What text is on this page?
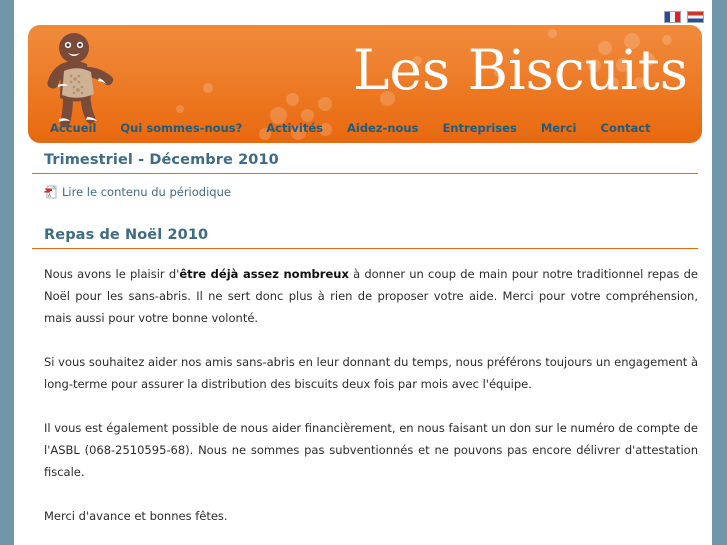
Les Biscuits
Accueil Qui sommes-nous? Activités Aidez-nous Entreprises Merci Contact
Trimestriel - Décembre 2010
A Lire le contenu du périodique
Repas de Noël 2010

Nous avons le plaisir d'être déjà assez nombreux à donner un coup de main pour notre traditionnel repas de Noël pour les sans-abris. Il ne sert donc plus à rien de proposer votre aide. Merci pour votre compréhension, mais aussi pour votre bonne volonté.

Si vous souhaitez aider nos amis sans-abris en leur donnant du temps, nous préférons toujours un engagement à long-terme pour assurer la distribution des biscuits deux fois par mois avec l'équipe.

Il vous est également possible de nous aider financièrement, en nous faisant un don sur le numéro de compte de l'ASBL (068-2510595-68). Nous ne sommes pas subventionnés et ne pouvons pas encore délivrer d'attestation fiscale.

Merci d'avance et bonnes fêtes.
